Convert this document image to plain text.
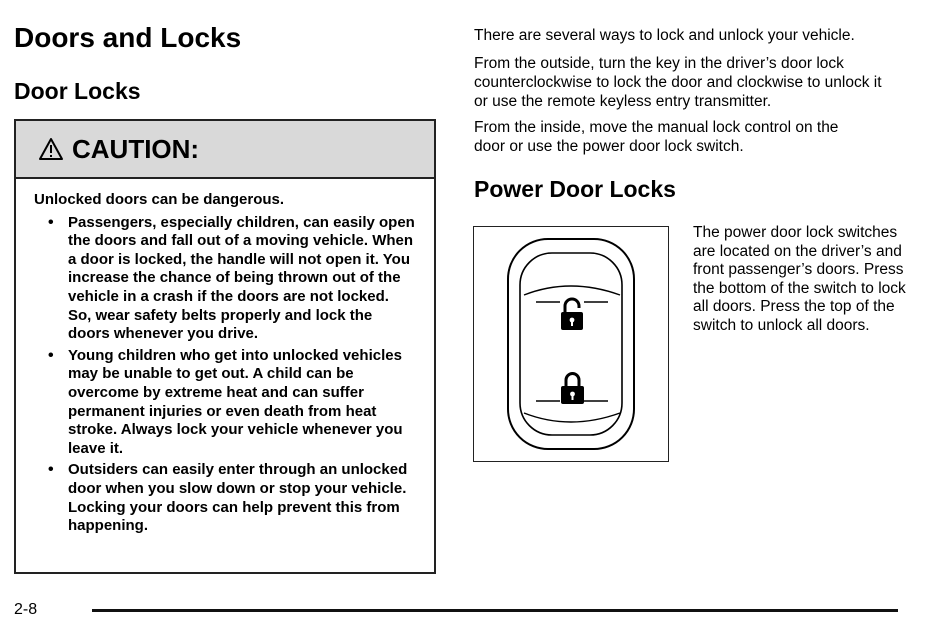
Doors and Locks
Door Locks
CAUTION:

Unlocked doors can be dangerous.

• Passengers, especially children, can easily open the doors and fall out of a moving vehicle. When a door is locked, the handle will not open it. You increase the chance of being thrown out of the vehicle in a crash if the doors are not locked. So, wear safety belts properly and lock the doors whenever you drive.
• Young children who get into unlocked vehicles may be unable to get out. A child can be overcome by extreme heat and can suffer permanent injuries or even death from heat stroke. Always lock your vehicle whenever you leave it.
• Outsiders can easily enter through an unlocked door when you slow down or stop your vehicle. Locking your doors can help prevent this from happening.

There are several ways to lock and unlock your vehicle.

From the outside, turn the key in the driver’s door lock counterclockwise to lock the door and clockwise to unlock it or use the remote keyless entry transmitter.

From the inside, move the manual lock control on the door or use the power door lock switch.

Power Door Locks

The power door lock switches are located on the driver’s and front passenger’s doors. Press the bottom of the switch to lock all doors. Press the top of the switch to unlock all doors.

2-8
